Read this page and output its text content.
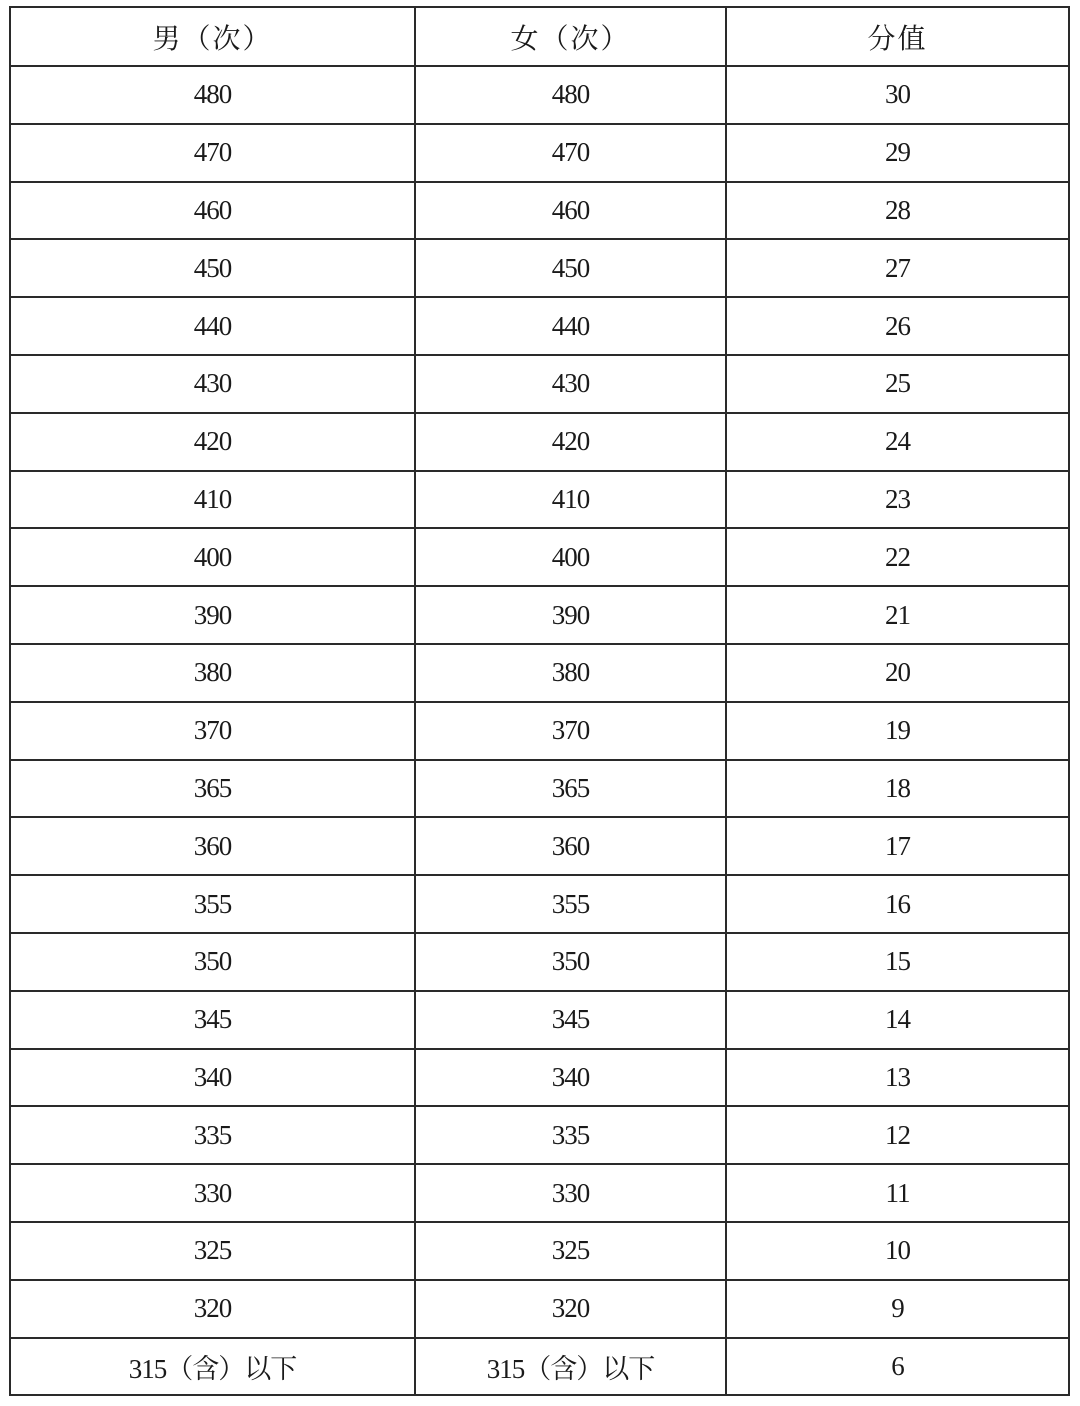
男（次）	女（次）	分值
480	480	30
470	470	29
460	460	28
450	450	27
440	440	26
430	430	25
420	420	24
410	410	23
400	400	22
390	390	21
380	380	20
370	370	19
365	365	18
360	360	17
355	355	16
350	350	15
345	345	14
340	340	13
335	335	12
330	330	11
325	325	10
320	320	9
315（含）以下	315（含）以下	6
